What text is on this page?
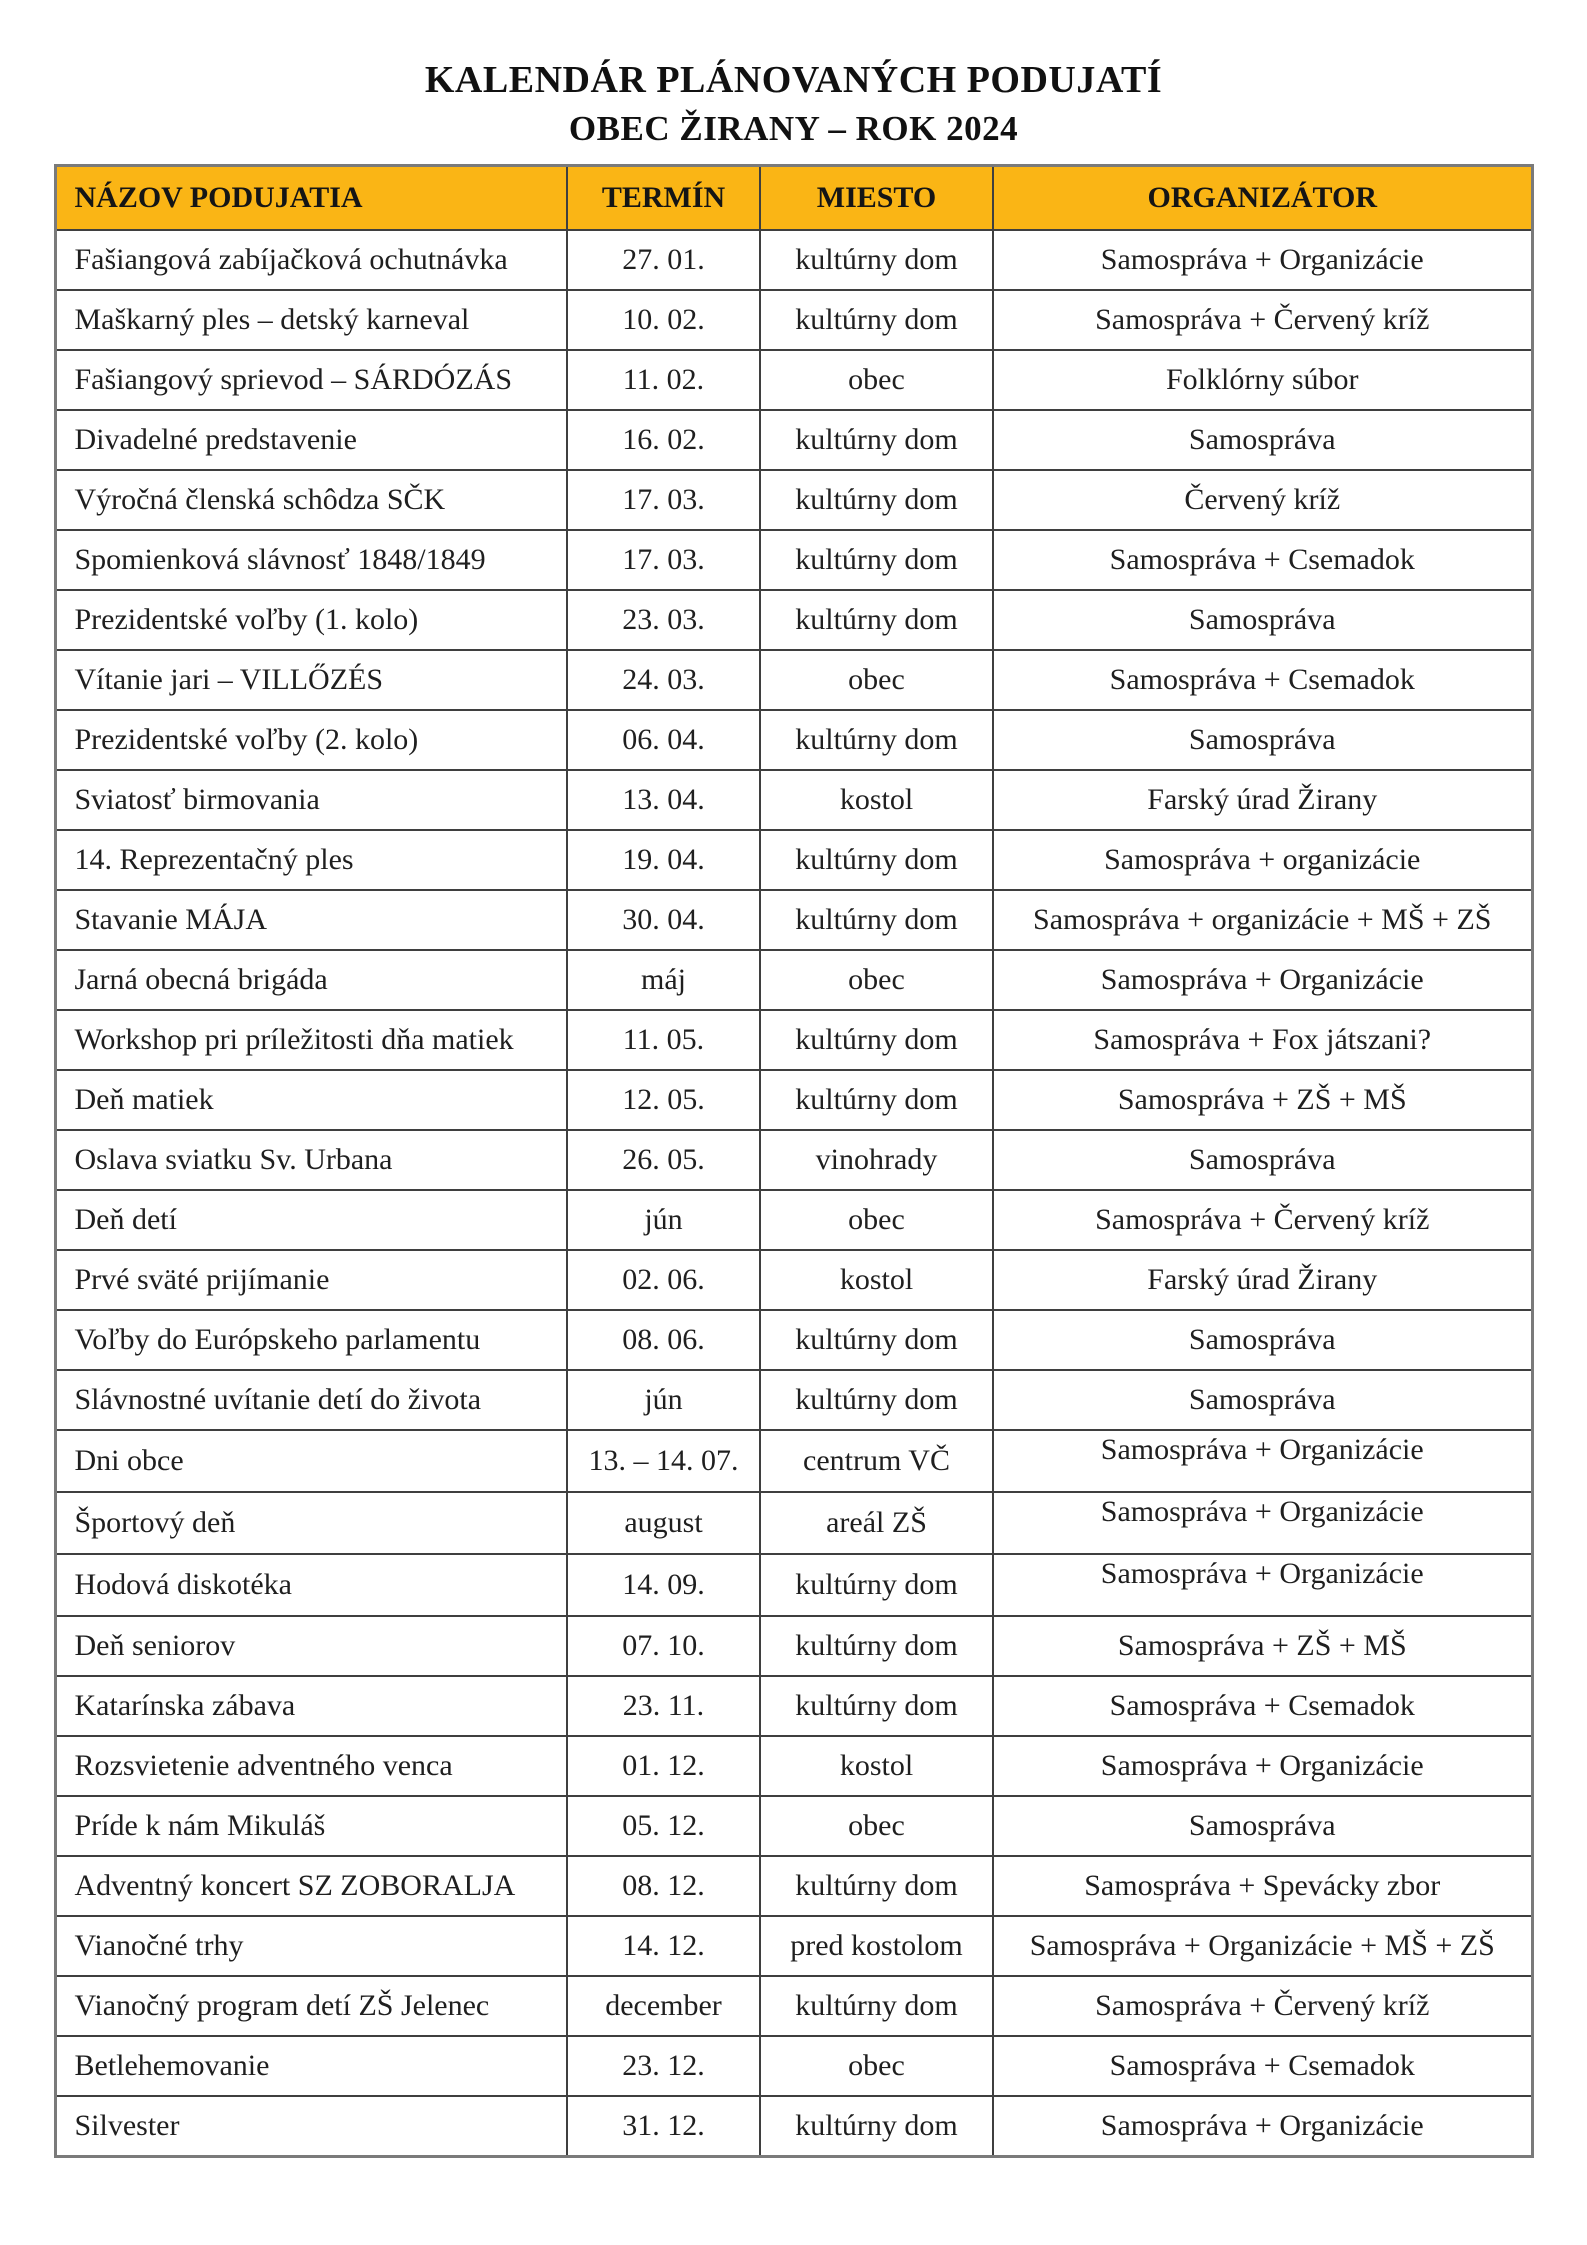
KALENDÁR PLÁNOVANÝCH PODUJATÍ
OBEC ŽIRANY – ROK 2024
NÁZOV PODUJATIA	TERMÍN	MIESTO	ORGANIZÁTOR
Fašiangová zabíjačková ochutnávka	27. 01.	kultúrny dom	Samospráva + Organizácie
Maškarný ples – detský karneval	10. 02.	kultúrny dom	Samospráva + Červený kríž
Fašiangový sprievod – SÁRDÓZÁS	11. 02.	obec	Folklórny súbor
Divadelné predstavenie	16. 02.	kultúrny dom	Samospráva
Výročná členská schôdza SČK	17. 03.	kultúrny dom	Červený kríž
Spomienková slávnosť 1848/1849	17. 03.	kultúrny dom	Samospráva + Csemadok
Prezidentské voľby (1. kolo)	23. 03.	kultúrny dom	Samospráva
Vítanie jari – VILLŐZÉS	24. 03.	obec	Samospráva + Csemadok
Prezidentské voľby (2. kolo)	06. 04.	kultúrny dom	Samospráva
Sviatosť birmovania	13. 04.	kostol	Farský úrad Žirany
14. Reprezentačný ples	19. 04.	kultúrny dom	Samospráva + organizácie
Stavanie MÁJA	30. 04.	kultúrny dom	Samospráva + organizácie + MŠ + ZŠ
Jarná obecná brigáda	máj	obec	Samospráva + Organizácie
Workshop pri príležitosti dňa matiek	11. 05.	kultúrny dom	Samospráva + Fox játszani?
Deň matiek	12. 05.	kultúrny dom	Samospráva + ZŠ + MŠ
Oslava sviatku Sv. Urbana	26. 05.	vinohrady	Samospráva
Deň detí	jún	obec	Samospráva + Červený kríž
Prvé sväté prijímanie	02. 06.	kostol	Farský úrad Žirany
Voľby do Európskeho parlamentu	08. 06.	kultúrny dom	Samospráva
Slávnostné uvítanie detí do života	jún	kultúrny dom	Samospráva
Dni obce	13. – 14. 07.	centrum VČ	Samospráva + Organizácie
Športový deň	august	areál ZŠ	Samospráva + Organizácie
Hodová diskotéka	14. 09.	kultúrny dom	Samospráva + Organizácie
Deň seniorov	07. 10.	kultúrny dom	Samospráva + ZŠ + MŠ
Katarínska zábava	23. 11.	kultúrny dom	Samospráva + Csemadok
Rozsvietenie adventného venca	01. 12.	kostol	Samospráva + Organizácie
Príde k nám Mikuláš	05. 12.	obec	Samospráva
Adventný koncert SZ ZOBORALJA	08. 12.	kultúrny dom	Samospráva + Spevácky zbor
Vianočné trhy	14. 12.	pred kostolom	Samospráva + Organizácie + MŠ + ZŠ
Vianočný program detí ZŠ Jelenec	december	kultúrny dom	Samospráva + Červený kríž
Betlehemovanie	23. 12.	obec	Samospráva + Csemadok
Silvester	31. 12.	kultúrny dom	Samospráva + Organizácie
